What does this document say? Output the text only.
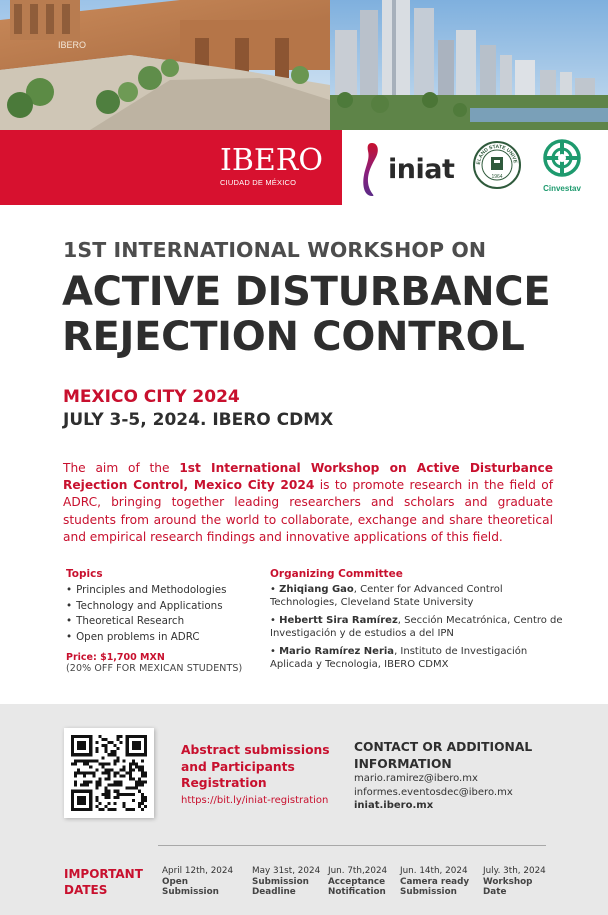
IBERO
IBERO
CIUDAD DE MÉXICO	iniat	ELAND STATE UNIVE
1964
Cinvestav
1ST INTERNATIONAL WORKSHOP ON
ACTIVE DISTURBANCE
REJECTION CONTROL
MEXICO CITY 2024
JULY 3-5, 2024. IBERO CDMX

The aim of the 1st International Workshop on Active Disturbance Rejection Control, Mexico City 2024 is to promote research in the field of ADRC, bringing together leading researchers and scholars and graduate students from around the world to collaborate, exchange and share theoretical and empirical research findings and innovative applications of this field.

Topics
• Principles and Methodologies
• Technology and Applications
• Theoretical Research
• Open problems in ADRC
Price: $1,700 MXN
(20% OFF FOR MEXICAN STUDENTS)
Organizing Committee
• Zhiqiang Gao, Center for Advanced Control Technologies, Cleveland State University
• Hebertt Sira Ramírez, Sección Mecatrónica, Centro de Investigación y de estudios a del IPN
• Mario Ramírez Neria, Instituto de Investigación Aplicada y Tecnologia, IBERO CDMX
Abstract submissions and Participants Registration
https://bit.ly/iniat-registration
CONTACT OR ADDITIONAL INFORMATION
mario.ramirez@ibero.mx
informes.eventosdec@ibero.mx
iniat.ibero.mx
IMPORTANT DATES
April 12th, 2024
Open Submission
May 31st, 2024
Submission Deadline
Jun. 7th,2024
Acceptance Notification
Jun. 14th, 2024
Camera ready Submission
July. 3th, 2024
Workshop Date
